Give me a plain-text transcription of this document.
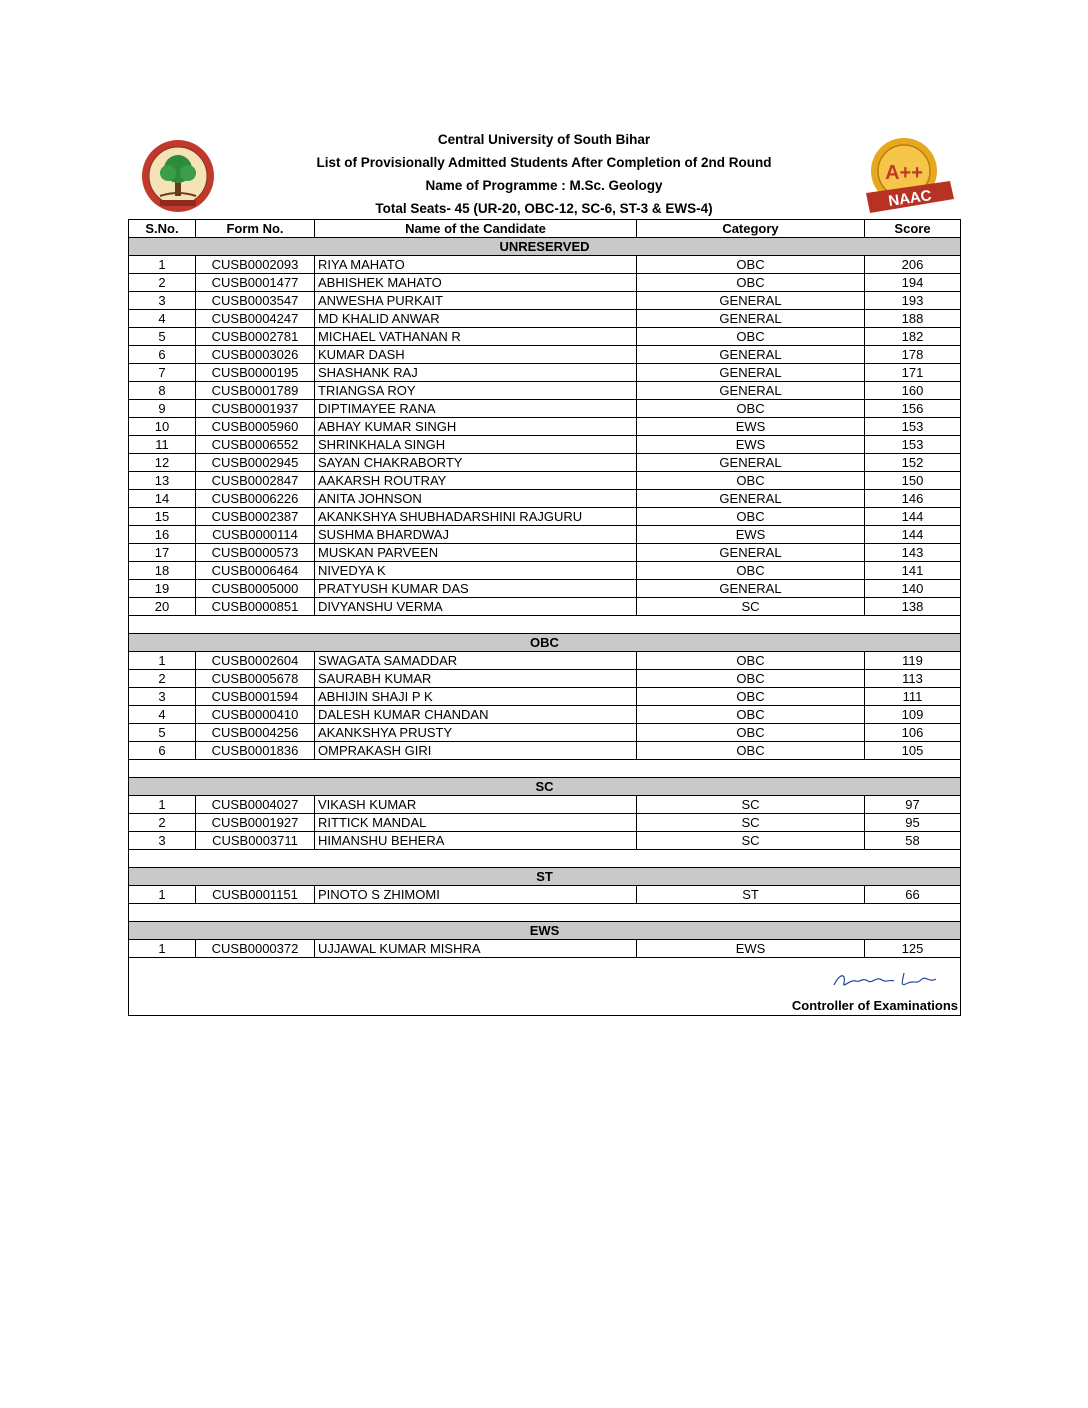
Central University of South Bihar
List of Provisionally Admitted Students After Completion of 2nd Round
Name of Programme : M.Sc. Geology
Total Seats- 45 (UR-20, OBC-12, SC-6, ST-3 & EWS-4)
A++
NAAC
S.No.	Form No.	Name of the Candidate	Category	Score
UNRESERVED				
1	CUSB0002093	RIYA MAHATO	OBC	206
2	CUSB0001477	ABHISHEK MAHATO	OBC	194
3	CUSB0003547	ANWESHA PURKAIT	GENERAL	193
4	CUSB0004247	MD KHALID ANWAR	GENERAL	188
5	CUSB0002781	MICHAEL VATHANAN R	OBC	182
6	CUSB0003026	KUMAR DASH	GENERAL	178
7	CUSB0000195	SHASHANK RAJ	GENERAL	171
8	CUSB0001789	TRIANGSA ROY	GENERAL	160
9	CUSB0001937	DIPTIMAYEE RANA	OBC	156
10	CUSB0005960	ABHAY KUMAR SINGH	EWS	153
11	CUSB0006552	SHRINKHALA SINGH	EWS	153
12	CUSB0002945	SAYAN CHAKRABORTY	GENERAL	152
13	CUSB0002847	AAKARSH ROUTRAY	OBC	150
14	CUSB0006226	ANITA JOHNSON	GENERAL	146
15	CUSB0002387	AKANKSHYA SHUBHADARSHINI RAJGURU	OBC	144
16	CUSB0000114	SUSHMA BHARDWAJ	EWS	144
17	CUSB0000573	MUSKAN PARVEEN	GENERAL	143
18	CUSB0006464	NIVEDYA K	OBC	141
19	CUSB0005000	PRATYUSH KUMAR DAS	GENERAL	140
20	CUSB0000851	DIVYANSHU VERMA	SC	138

OBC				
1	CUSB0002604	SWAGATA SAMADDAR	OBC	119
2	CUSB0005678	SAURABH KUMAR	OBC	113
3	CUSB0001594	ABHIJIN SHAJI P K	OBC	111
4	CUSB0000410	DALESH KUMAR CHANDAN	OBC	109
5	CUSB0004256	AKANKSHYA PRUSTY	OBC	106
6	CUSB0001836	OMPRAKASH GIRI	OBC	105

SC				
1	CUSB0004027	VIKASH KUMAR	SC	97
2	CUSB0001927	RITTICK MANDAL	SC	95
3	CUSB0003711	HIMANSHU BEHERA	SC	58

ST				
1	CUSB0001151	PINOTO S ZHIMOMI	ST	66

EWS				
1	CUSB0000372	UJJAWAL KUMAR MISHRA	EWS	125

Controller of Examinations				
